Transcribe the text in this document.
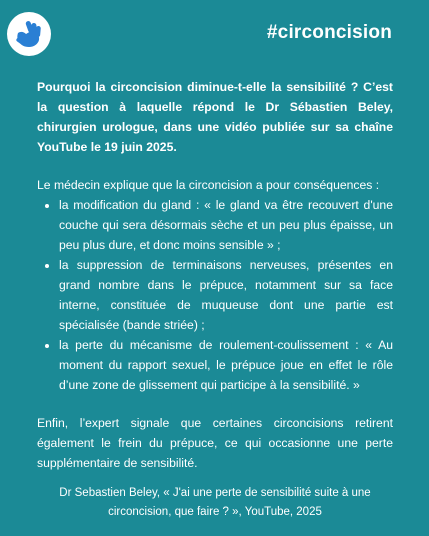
#circoncision

Pourquoi la circoncision diminue-t-elle la sensibilité ? C’est la question à laquelle répond le Dr Sébastien Beley, chirurgien urologue, dans une vidéo publiée sur sa chaîne YouTube le 19 juin 2025.

Le médecin explique que la circoncision a pour conséquences :

• la modification du gland : « le gland va être recouvert d'une couche qui sera désormais sèche et un peu plus épaisse, un peu plus dure, et donc moins sensible » ;
• la suppression de terminaisons nerveuses, présentes en grand nombre dans le prépuce, notamment sur sa face interne, constituée de muqueuse dont une partie est spécialisée (bande striée) ;
• la perte du mécanisme de roulement-coulissement : « Au moment du rapport sexuel, le prépuce joue en effet le rôle d’une zone de glissement qui participe à la sensibilité. »

Enfin, l’expert signale que certaines circoncisions retirent également le frein du prépuce, ce qui occasionne une perte supplémentaire de sensibilité.

Dr Sebastien Beley, « J'ai une perte de sensibilité suite à une circoncision, que faire ? », YouTube, 2025
